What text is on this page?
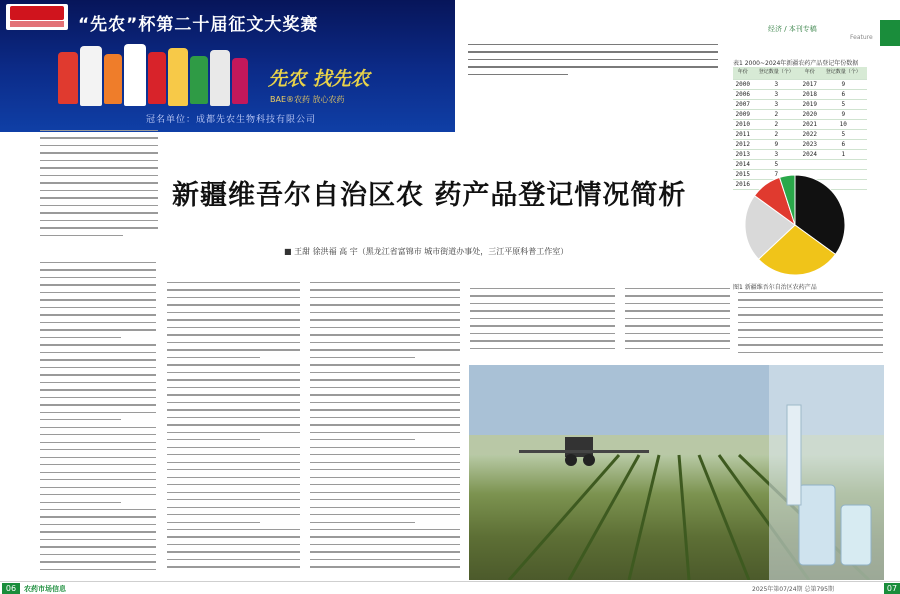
“先农”杯第二十届征文大奖赛
先农 找先农
BAE®农药 放心农药
冠名单位：成都先农生物科技有限公司
经济 / 本刊专稿
Feature
新疆维吾尔自治区农 药产品登记情况简析
■ 王甜 徐洪福 高 宇（黑龙江省富锦市 城市街道办事处，三江平原科普工作室）
表1 2000~2024年新疆农药产品登记年份数据
年份	登记数量（个）	年份	登记数量（个）
2000	3	2017	9
2006	3	2018	6
2007	3	2019	5
2009	2	2020	9
2010	2	2021	10
2011	2	2022	5
2012	9	2023	6
2013	3	2024	1
2014	5		
2015	7		
2016			
图1 新疆维吾尔自治区农药产品
06	农药市场信息	2025年第07/24期 总第795期	07
